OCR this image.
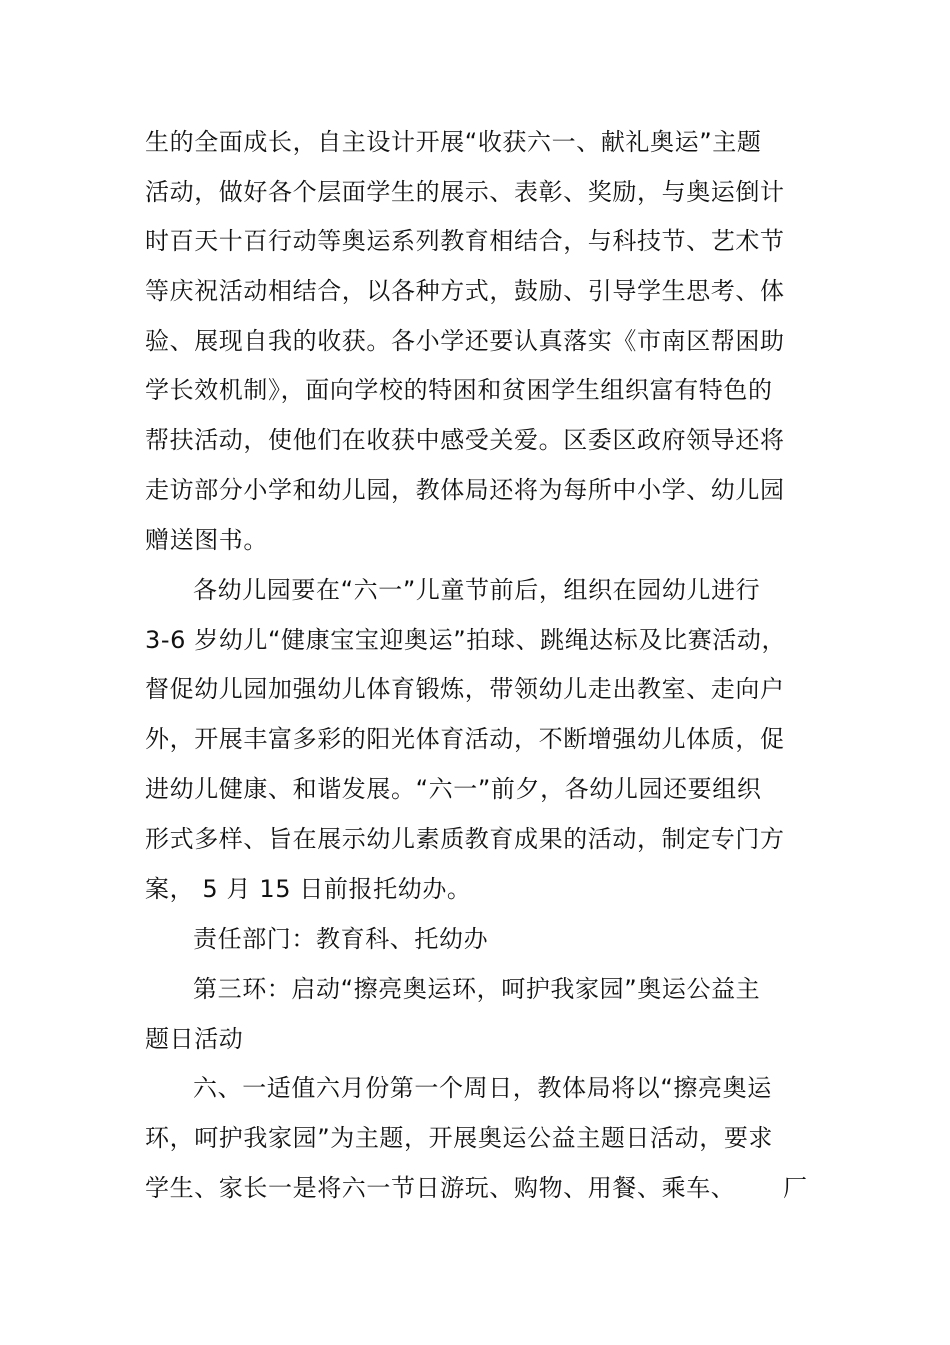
生的全面成长，自主设计开展“收获六一、献礼奥运”主题
活动，做好各个层面学生的展示、表彰、奖励，与奥运倒计
时百天十百行动等奥运系列教育相结合，与科技节、艺术节
等庆祝活动相结合，以各种方式，鼓励、引导学生思考、体
验、展现自我的收获。各小学还要认真落实《市南区帮困助
学长效机制》，面向学校的特困和贫困学生组织富有特色的
帮扶活动，使他们在收获中感受关爱。区委区政府领导还将
走访部分小学和幼儿园，教体局还将为每所中小学、幼儿园
赠送图书。
各幼儿园要在“六一”儿童节前后，组织在园幼儿进行
3-6 岁幼儿“健康宝宝迎奥运”拍球、跳绳达标及比赛活动，
督促幼儿园加强幼儿体育锻炼，带领幼儿走出教室、走向户
外，开展丰富多彩的阳光体育活动，不断增强幼儿体质，促
进幼儿健康、和谐发展。“六一”前夕，各幼儿园还要组织
形式多样、旨在展示幼儿素质教育成果的活动，制定专门方
案， 5 月 15 日前报托幼办。
责任部门：教育科、托幼办
第三环：启动“擦亮奥运环，呵护我家园”奥运公益主
题日活动
六、一适值六月份第一个周日，教体局将以“擦亮奥运
环，呵护我家园”为主题，开展奥运公益主题日活动，要求
学生、家长一是将六一节日游玩、购物、用餐、乘车、 厂
